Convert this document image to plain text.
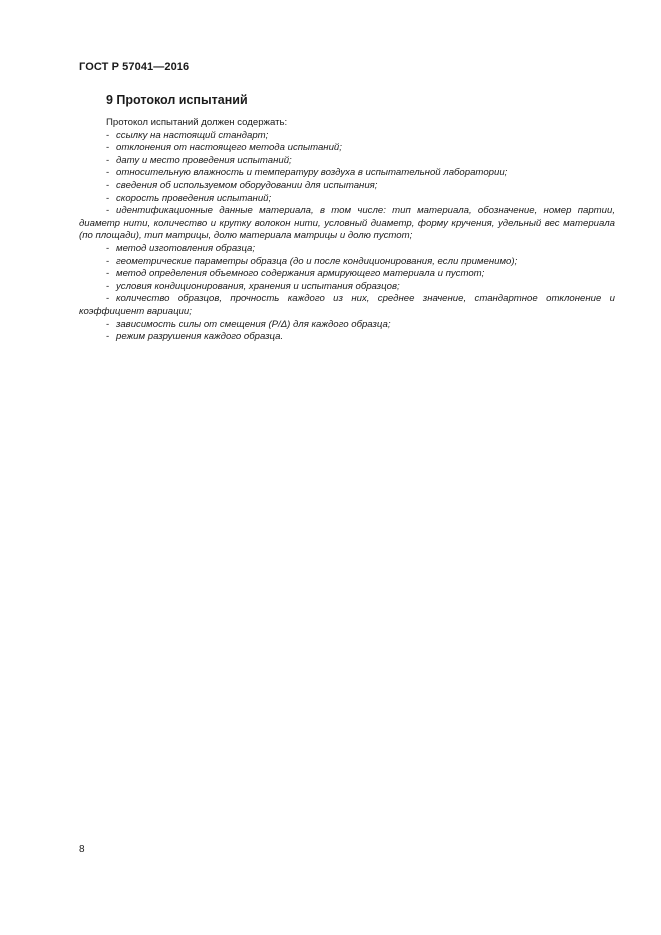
ГОСТ Р 57041—2016
9 Протокол испытаний

Протокол испытаний должен содержать:

- ссылку на настоящий стандарт;

- отклонения от настоящего метода испытаний;

- дату и место проведения испытаний;

- относительную влажность и температуру воздуха в испытательной лаборатории;

- сведения об используемом оборудовании для испытания;

- скорость проведения испытаний;

- идентификационные данные материала, в том числе: тип материала, обозначение, номер партии, диаметр нити, количество и крутку волокон нити, условный диаметр, форму кручения, удельный вес материала (по площади), тип матрицы, долю материала матрицы и долю пустот;

- метод изготовления образца;

- геометрические параметры образца (до и после кондиционирования, если применимо);

- метод определения объемного содержания армирующего материала и пустот;

- условия кондиционирования, хранения и испытания образцов;

- количество образцов, прочность каждого из них, среднее значение, стандартное отклонение и коэффициент вариации;

- зависимость силы от смещения (P/Δ) для каждого образца;

- режим разрушения каждого образца.

8
